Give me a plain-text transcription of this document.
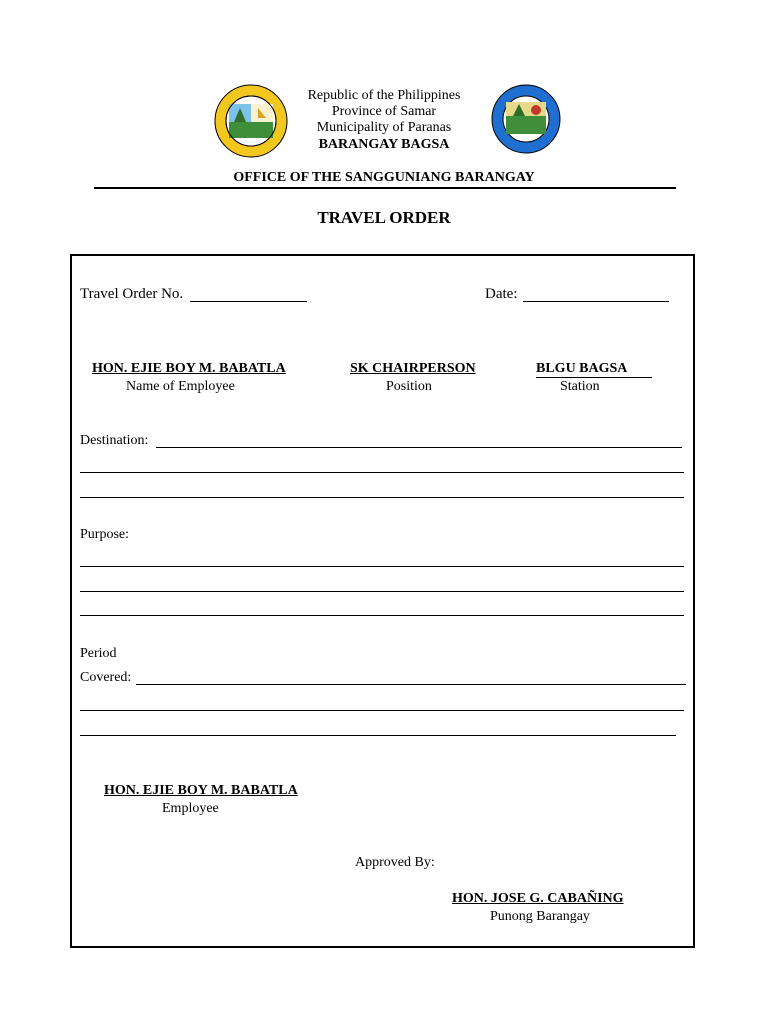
Republic of the Philippines
Province of Samar
Municipality of Paranas
BARANGAY BAGSA
OFFICE OF THE SANGGUNIANG BARANGAY
TRAVEL ORDER
Travel Order No.	Date:
HON. EJIE BOY M. BABATLA
Name of Employee
SK CHAIRPERSON
Position
BLGU BAGSA
Station
Destination:
Purpose:
Period
Covered:
HON. EJIE BOY M. BABATLA
Employee
Approved By:
HON. JOSE G. CABAÑING
Punong Barangay
